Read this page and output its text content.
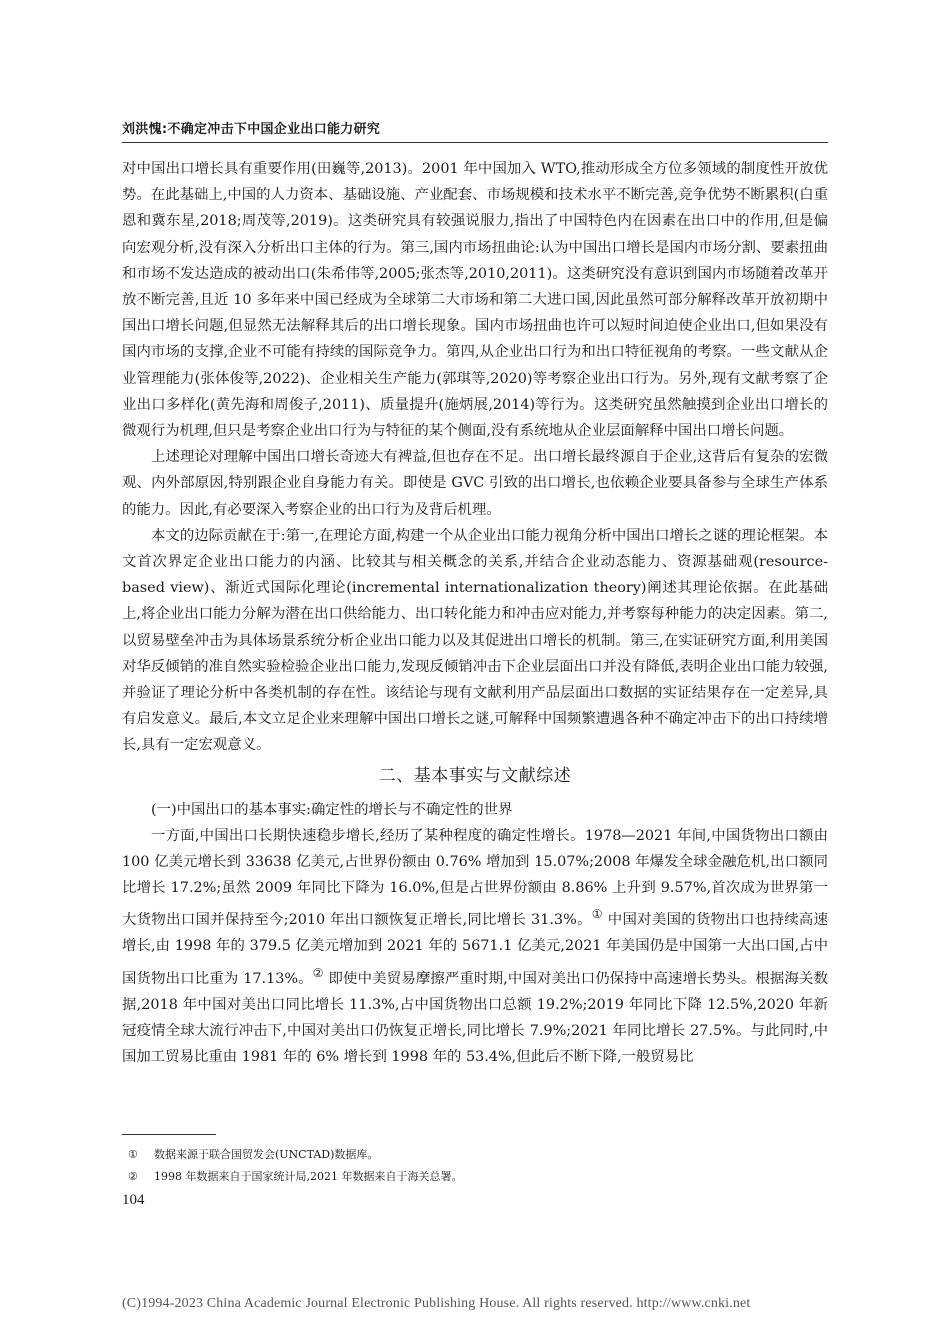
刘洪愧:不确定冲击下中国企业出口能力研究

对中国出口增长具有重要作用(田巍等,2013)。2001 年中国加入 WTO,推动形成全方位多领域的制度性开放优势。在此基础上,中国的人力资本、基础设施、产业配套、市场规模和技术水平不断完善,竞争优势不断累积(白重恩和冀东星,2018;周茂等,2019)。这类研究具有较强说服力,指出了中国特色内在因素在出口中的作用,但是偏向宏观分析,没有深入分析出口主体的行为。第三,国内市场扭曲论:认为中国出口增长是国内市场分割、要素扭曲和市场不发达造成的被动出口(朱希伟等,2005;张杰等,2010,2011)。这类研究没有意识到国内市场随着改革开放不断完善,且近 10 多年来中国已经成为全球第二大市场和第二大进口国,因此虽然可部分解释改革开放初期中国出口增长问题,但显然无法解释其后的出口增长现象。国内市场扭曲也许可以短时间迫使企业出口,但如果没有国内市场的支撑,企业不可能有持续的国际竞争力。第四,从企业出口行为和出口特征视角的考察。一些文献从企业管理能力(张体俊等,2022)、企业相关生产能力(郭琪等,2020)等考察企业出口行为。另外,现有文献考察了企业出口多样化(黄先海和周俊子,2011)、质量提升(施炳展,2014)等行为。这类研究虽然触摸到企业出口增长的微观行为机理,但只是考察企业出口行为与特征的某个侧面,没有系统地从企业层面解释中国出口增长问题。

上述理论对理解中国出口增长奇迹大有裨益,但也存在不足。出口增长最终源自于企业,这背后有复杂的宏微观、内外部原因,特别跟企业自身能力有关。即使是 GVC 引致的出口增长,也依赖企业要具备参与全球生产体系的能力。因此,有必要深入考察企业的出口行为及背后机理。

本文的边际贡献在于:第一,在理论方面,构建一个从企业出口能力视角分析中国出口增长之谜的理论框架。本文首次界定企业出口能力的内涵、比较其与相关概念的关系,并结合企业动态能力、资源基础观(resource-based view)、渐近式国际化理论(incremental internationalization theory)阐述其理论依据。在此基础上,将企业出口能力分解为潜在出口供给能力、出口转化能力和冲击应对能力,并考察每种能力的决定因素。第二,以贸易壁垒冲击为具体场景系统分析企业出口能力以及其促进出口增长的机制。第三,在实证研究方面,利用美国对华反倾销的准自然实验检验企业出口能力,发现反倾销冲击下企业层面出口并没有降低,表明企业出口能力较强,并验证了理论分析中各类机制的存在性。该结论与现有文献利用产品层面出口数据的实证结果存在一定差异,具有启发意义。最后,本文立足企业来理解中国出口增长之谜,可解释中国频繁遭遇各种不确定冲击下的出口持续增长,具有一定宏观意义。

二、基本事实与文献综述

(一)中国出口的基本事实:确定性的增长与不确定性的世界

一方面,中国出口长期快速稳步增长,经历了某种程度的确定性增长。1978—2021 年间,中国货物出口额由 100 亿美元增长到 33638 亿美元,占世界份额由 0.76% 增加到 15.07%;2008 年爆发全球金融危机,出口额同比增长 17.2%;虽然 2009 年同比下降为 16.0%,但是占世界份额由 8.86% 上升到 9.57%,首次成为世界第一大货物出口国并保持至今;2010 年出口额恢复正增长,同比增长 31.3%。① 中国对美国的货物出口也持续高速增长,由 1998 年的 379.5 亿美元增加到 2021 年的 5671.1 亿美元,2021 年美国仍是中国第一大出口国,占中国货物出口比重为 17.13%。② 即使中美贸易摩擦严重时期,中国对美出口仍保持中高速增长势头。根据海关数据,2018 年中国对美出口同比增长 11.3%,占中国货物出口总额 19.2%;2019 年同比下降 12.5%,2020 年新冠疫情全球大流行冲击下,中国对美出口仍恢复正增长,同比增长 7.9%;2021 年同比增长 27.5%。与此同时,中国加工贸易比重由 1981 年的 6% 增长到 1998 年的 53.4%,但此后不断下降,一般贸易比

①	数据来源于联合国贸发会(UNCTAD)数据库。
②	1998 年数据来自于国家统计局,2021 年数据来自于海关总署。
104
(C)1994-2023 China Academic Journal Electronic Publishing House. All rights reserved. http://www.cnki.net
